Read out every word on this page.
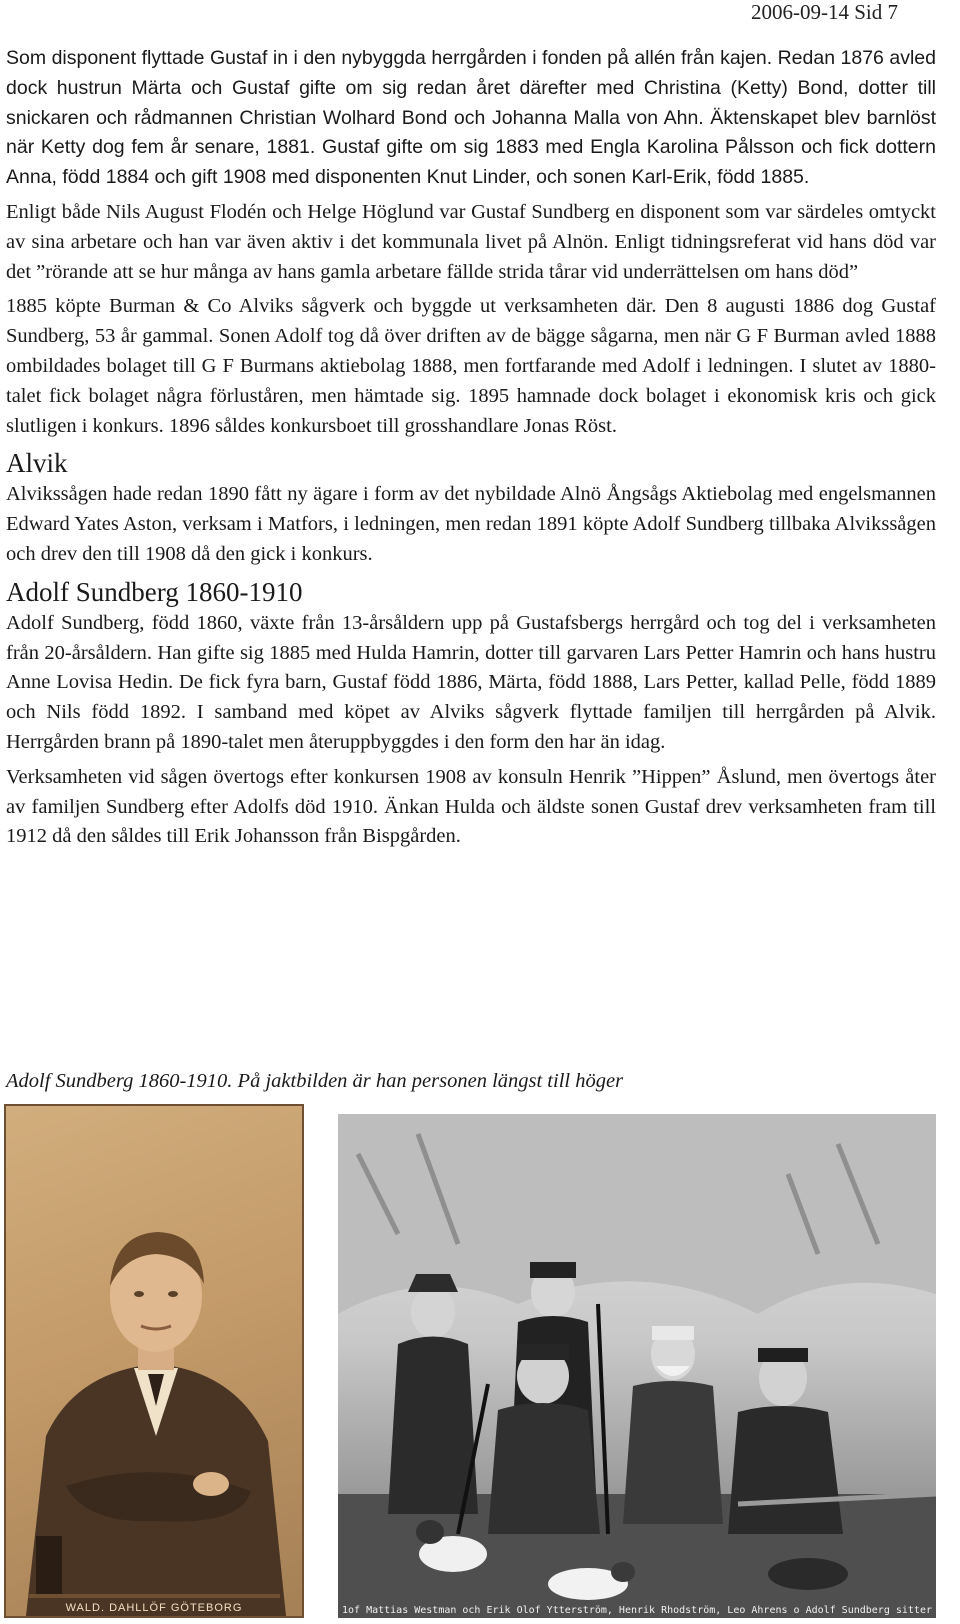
2006-09-14 Sid 7

Som disponent flyttade Gustaf in i den nybyggda herrgården i fonden på allén från kajen. Redan 1876 avled dock hustrun Märta och Gustaf gifte om sig redan året därefter med Christina (Ketty) Bond, dotter till snickaren och rådmannen Christian Wolhard Bond och Johanna Malla von Ahn. Äktenskapet blev barnlöst när Ketty dog fem år senare, 1881. Gustaf gifte om sig 1883 med Engla Karolina Pålsson och fick dottern Anna, född 1884 och gift 1908 med disponenten Knut Linder, och sonen Karl-Erik, född 1885.

Enligt både Nils August Flodén och Helge Höglund var Gustaf Sundberg en disponent som var särdeles omtyckt av sina arbetare och han var även aktiv i det kommunala livet på Alnön. Enligt tidningsreferat vid hans död var det ”rörande att se hur många av hans gamla arbetare fällde strida tårar vid underrättelsen om hans död”

1885 köpte Burman & Co Alviks sågverk och byggde ut verksamheten där. Den 8 augusti 1886 dog Gustaf Sundberg, 53 år gammal. Sonen Adolf tog då över driften av de bägge sågarna, men när G F Burman avled 1888 ombildades bolaget till G F Burmans aktiebolag 1888, men fortfarande med Adolf i ledningen. I slutet av 1880-talet fick bolaget några förluståren, men hämtade sig. 1895 hamnade dock bolaget i ekonomisk kris och gick slutligen i konkurs. 1896 såldes konkursboet till grosshandlare Jonas Röst.

Alvik

Alvikssågen hade redan 1890 fått ny ägare i form av det nybildade Alnö Ångsågs Aktiebolag med engelsmannen Edward Yates Aston, verksam i Matfors, i ledningen, men redan 1891 köpte Adolf Sundberg tillbaka Alvikssågen och drev den till 1908 då den gick i konkurs.

Adolf Sundberg 1860-1910

Adolf Sundberg, född 1860, växte från 13-årsåldern upp på Gustafsbergs herrgård och tog del i verksamheten från 20-årsåldern. Han gifte sig 1885 med Hulda Hamrin, dotter till garvaren Lars Petter Hamrin och hans hustru Anne Lovisa Hedin. De fick fyra barn, Gustaf född 1886, Märta, född 1888, Lars Petter, kallad Pelle, född 1889 och Nils född 1892. I samband med köpet av Alviks sågverk flyttade familjen till herrgården på Alvik. Herrgården brann på 1890-talet men återuppbyggdes i den form den har än idag.

Verksamheten vid sågen övertogs efter konkursen 1908 av konsuln Henrik ”Hippen” Åslund, men övertogs åter av familjen Sundberg efter Adolfs död 1910. Änkan Hulda och äldste sonen Gustaf drev verksamheten fram till 1912 då den såldes till Erik Johansson från Bispgården.

Adolf Sundberg 1860-1910. På jaktbilden är han personen längst till höger
WALD. DAHLLÖF GÖTEBORG	1of Mattias Westman och Erik Olof Ytterström, Henrik Rhodström, Leo Ahrens o Adolf Sundberg sitter
